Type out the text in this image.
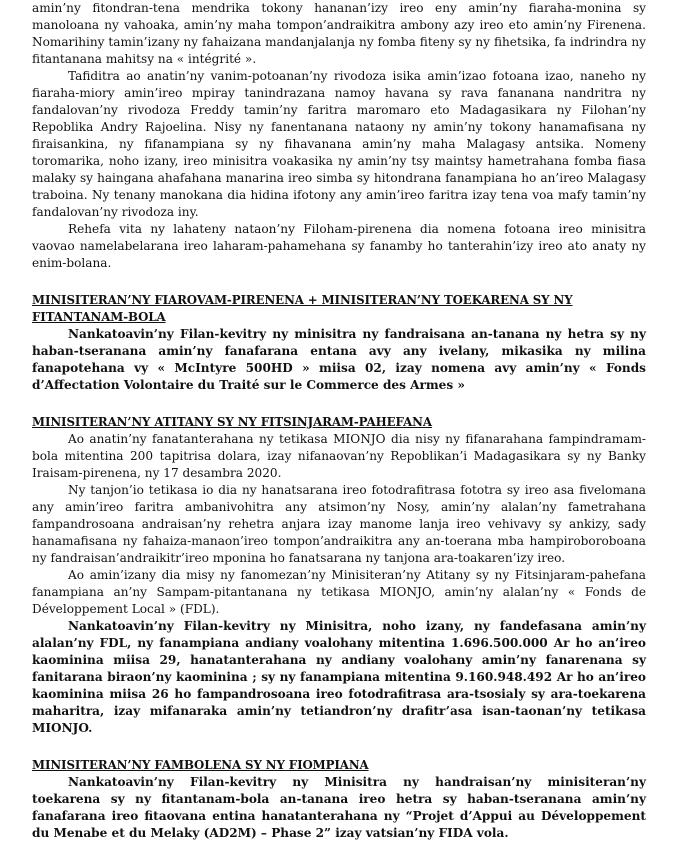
amin’ny fitondran-tena mendrika tokony hananan’izy ireo eny amin’ny fiaraha-monina sy manoloana ny vahoaka, amin’ny maha tompon’andraikitra ambony azy ireo eto amin’ny Firenena. Nomarihiny tamin’izany ny fahaizana mandanjalanja ny fomba fiteny sy ny fihetsika, fa indrindra ny fitantanana mahitsy na « intégrité ».

Tafiditra ao anatin’ny vanim-potoanan’ny rivodoza isika amin’izao fotoana izao, naneho ny fiaraha-miory amin’ireo mpiray tanindrazana namoy havana sy rava fananana nandritra ny fandalovan’ny rivodoza Freddy tamin’ny faritra maromaro eto Madagasikara ny Filohan’ny Repoblika Andry Rajoelina. Nisy ny fanentanana nataony ny amin’ny tokony hanamafisana ny firaisankina, ny fifanampiana sy ny fihavanana amin’ny maha Malagasy antsika. Nomeny toromarika, noho izany, ireo minisitra voakasika ny amin’ny tsy maintsy hametrahana fomba fiasa malaky sy haingana ahafahana manarina ireo simba sy hitondrana fanampiana ho an’ireo Malagasy traboina. Ny tenany manokana dia hidina ifotony any amin’ireo faritra izay tena voa mafy tamin’ny fandalovan’ny rivodoza iny.

Rehefa vita ny lahateny nataon’ny Filoham-pirenena dia nomena fotoana ireo minisitra vaovao namelabelarana ireo laharam-pahamehana sy fanamby ho tanterahin’izy ireo ato anaty ny enim-bolana.

MINISITERAN’NY FIAROVAM-PIRENENA + MINISITERAN’NY TOEKARENA SY NY FITANTANAM-BOLA

Nankatoavin’ny Filan-kevitry ny minisitra ny fandraisana an-tanana ny hetra sy ny haban-tseranana amin’ny fanafarana entana avy any ivelany, mikasika ny milina fanapotehana vy « McIntyre 500HD » miisa 02, izay nomena avy amin’ny « Fonds d’Affectation Volontaire du Traité sur le Commerce des Armes »

MINISITERAN’NY ATITANY SY NY FITSINJARAM-PAHEFANA

Ao anatin’ny fanatanterahana ny tetikasa MIONJO dia nisy ny fifanarahana fampindramam-bola mitentina 200 tapitrisa dolara, izay nifanaovan’ny Repoblikan’i Madagasikara sy ny Banky Iraisam-pirenena, ny 17 desambra 2020.

Ny tanjon’io tetikasa io dia ny hanatsarana ireo fotodrafitrasa fototra sy ireo asa fivelomana any amin’ireo faritra ambanivohitra any atsimon’ny Nosy, amin’ny alalan’ny fametrahana fampandrosoana andraisan’ny rehetra anjara izay manome lanja ireo vehivavy sy ankizy, sady hanamafisana ny fahaiza-manaon’ireo tompon’andraikitra any an-toerana mba hampiroboroboana ny fandraisan’andraikitr’ireo mponina ho fanatsarana ny tanjona ara-toakaren’izy ireo.

Ao amin’izany dia misy ny fanomezan’ny Minisiteran’ny Atitany sy ny Fitsinjaram-pahefana fanampiana an’ny Sampam-pitantanana ny tetikasa MIONJO, amin’ny alalan’ny « Fonds de Développement Local » (FDL).

Nankatoavin’ny Filan-kevitry ny Minisitra, noho izany, ny fandefasana amin’ny alalan’ny FDL, ny fanampiana andiany voalohany mitentina 1.696.500.000 Ar ho an’ireo kaominina miisa 29, hanatanterahana ny andiany voalohany amin’ny fanarenana sy fanitarana biraon’ny kaominina ; sy ny fanampiana mitentina 9.160.948.492 Ar ho an’ireo kaominina miisa 26 ho fampandrosoana ireo fotodrafitrasa ara-tsosialy sy ara-toekarena maharitra, izay mifanaraka amin’ny tetiandron’ny drafitr’asa isan-taonan’ny tetikasa MIONJO.

MINISITERAN’NY FAMBOLENA SY NY FIOMPIANA

Nankatoavin’ny Filan-kevitry ny Minisitra ny handraisan’ny minisiteran’ny toekarena sy ny fitantanam-bola an-tanana ireo hetra sy haban-tseranana amin’ny fanafarana ireo fitaovana entina hanatanterahana ny “Projet d’Appui au Développement du Menabe et du Melaky (AD2M) – Phase 2” izay vatsian’ny FIDA vola.
